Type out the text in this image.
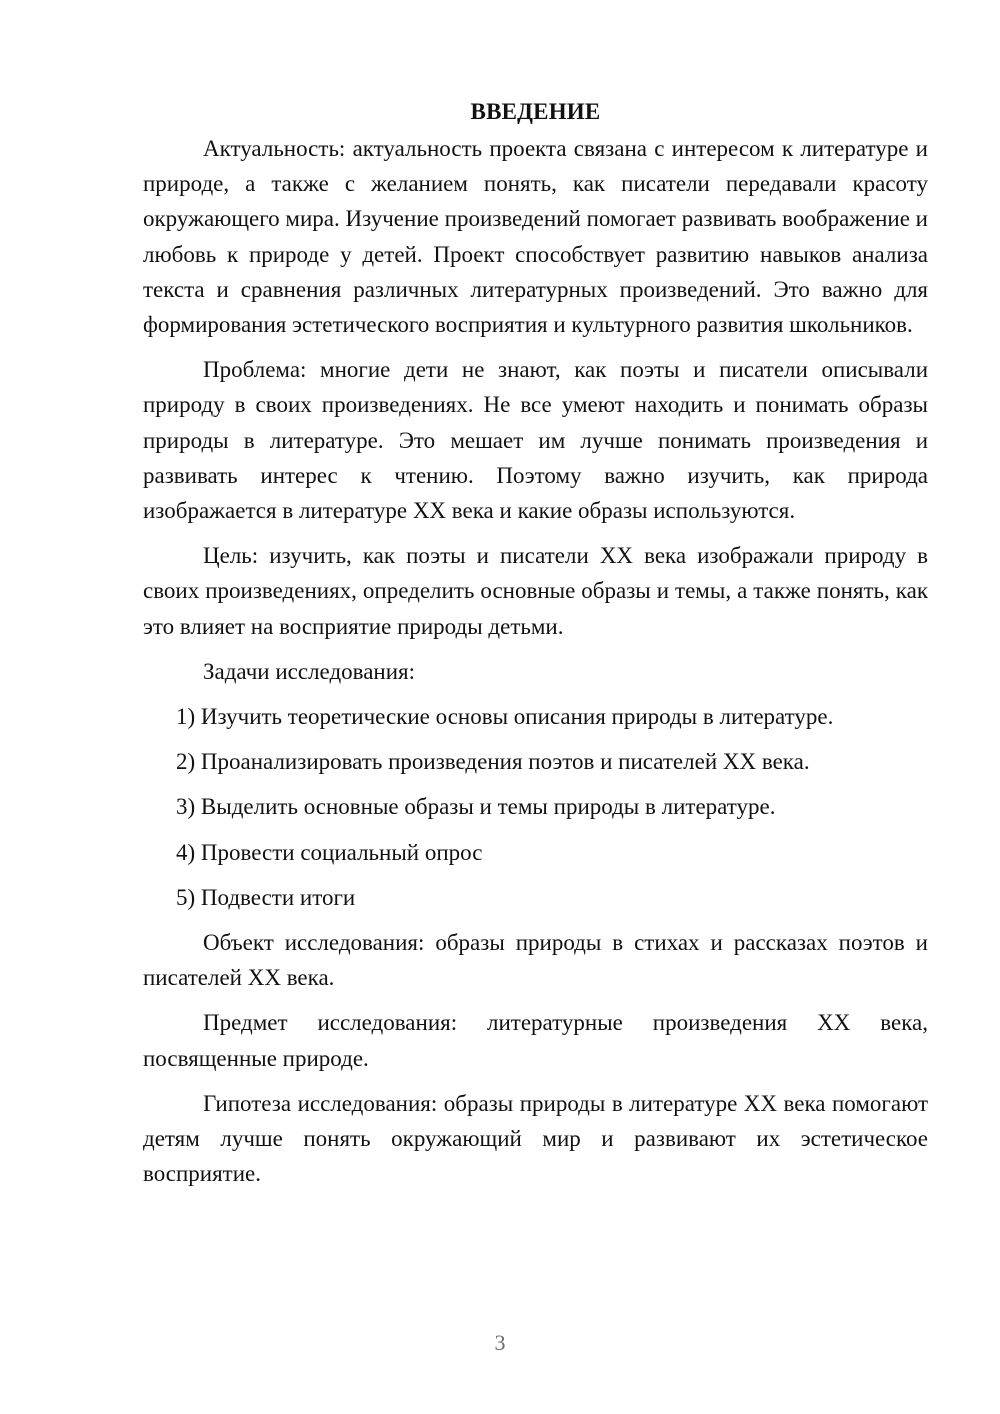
ВВЕДЕНИЕ

Актуальность: актуальность проекта связана с интересом к литературе и природе, а также с желанием понять, как писатели передавали красоту окружающего мира. Изучение произведений помогает развивать воображение и любовь к природе у детей. Проект способствует развитию навыков анализа текста и сравнения различных литературных произведений. Это важно для формирования эстетического восприятия и культурного развития школьников.

Проблема: многие дети не знают, как поэты и писатели описывали природу в своих произведениях. Не все умеют находить и понимать образы природы в литературе. Это мешает им лучше понимать произведения и развивать интерес к чтению. Поэтому важно изучить, как природа изображается в литературе XX века и какие образы используются.

Цель: изучить, как поэты и писатели XX века изображали природу в своих произведениях, определить основные образы и темы, а также понять, как это влияет на восприятие природы детьми.

Задачи исследования:

1) Изучить теоретические основы описания природы в литературе.
2) Проанализировать произведения поэтов и писателей XX века.
3) Выделить основные образы и темы природы в литературе.
4) Провести социальный опрос
5) Подвести итоги

Объект исследования: образы природы в стихах и рассказах поэтов и писателей XX века.

Предмет исследования: литературные произведения XX века, посвященные природе.

Гипотеза исследования: образы природы в литературе XX века помогают детям лучше понять окружающий мир и развивают их эстетическое восприятие.

3
